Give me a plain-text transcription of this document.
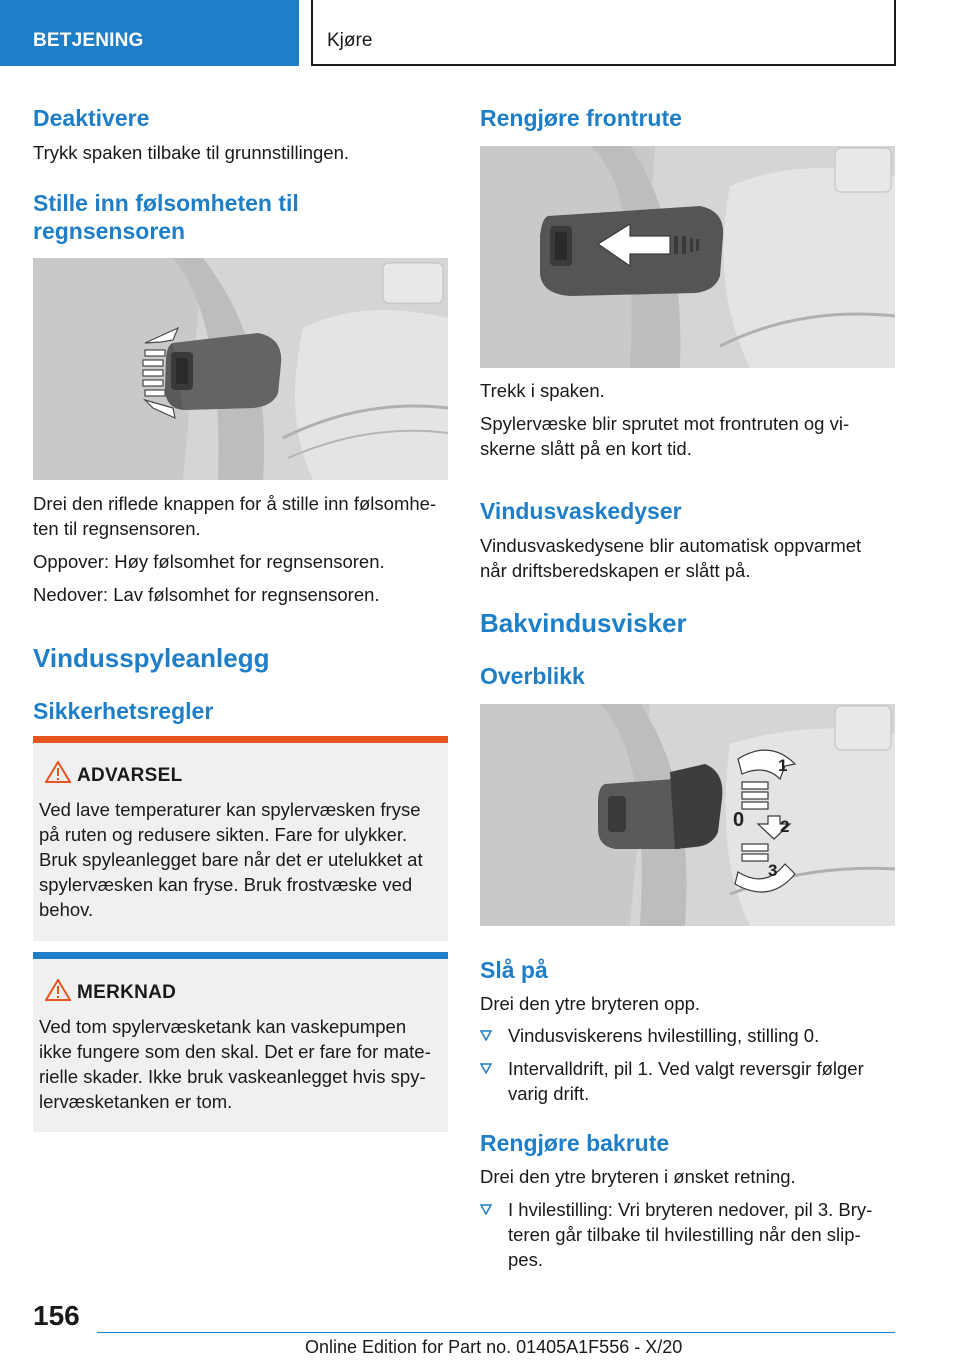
BETJENING	Kjøre
Deaktivere
Trykk spaken tilbake til grunnstillingen.
Stille inn følsomheten til
regnsensoren
Drei den riflede knappen for å stille inn følsomhe-
ten til regnsensoren.
Oppover: Høy følsomhet for regnsensoren.
Nedover: Lav følsomhet for regnsensoren.
Vindusspyleanlegg
Sikkerhetsregler
ADVARSEL
Ved lave temperaturer kan spylervæsken fryse
på ruten og redusere sikten. Fare for ulykker.
Bruk spyleanlegget bare når det er utelukket at
spylervæsken kan fryse. Bruk frostvæske ved
behov.
MERKNAD
Ved tom spylervæsketank kan vaskepumpen
ikke fungere som den skal. Det er fare for mate-
rielle skader. Ikke bruk vaskeanlegget hvis spy-
lervæsketanken er tom.
Rengjøre frontrute
Trekk i spaken.
Spylervæske blir sprutet mot frontruten og vi-
skerne slått på en kort tid.
Vindusvaskedyser
Vindusvaskedysene blir automatisk oppvarmet
når driftsberedskapen er slått på.
Bakvindusvisker
Overblikk
1
0 2
3
Slå på
Drei den ytre bryteren opp.
Vindusviskerens hvilestilling, stilling 0.
Intervalldrift, pil 1. Ved valgt reversgir følger
varig drift.
Rengjøre bakrute
Drei den ytre bryteren i ønsket retning.
I hvilestilling: Vri bryteren nedover, pil 3. Bry-
teren går tilbake til hvilestilling når den slip-
pes.
156
Online Edition for Part no. 01405A1F556 - X/20
